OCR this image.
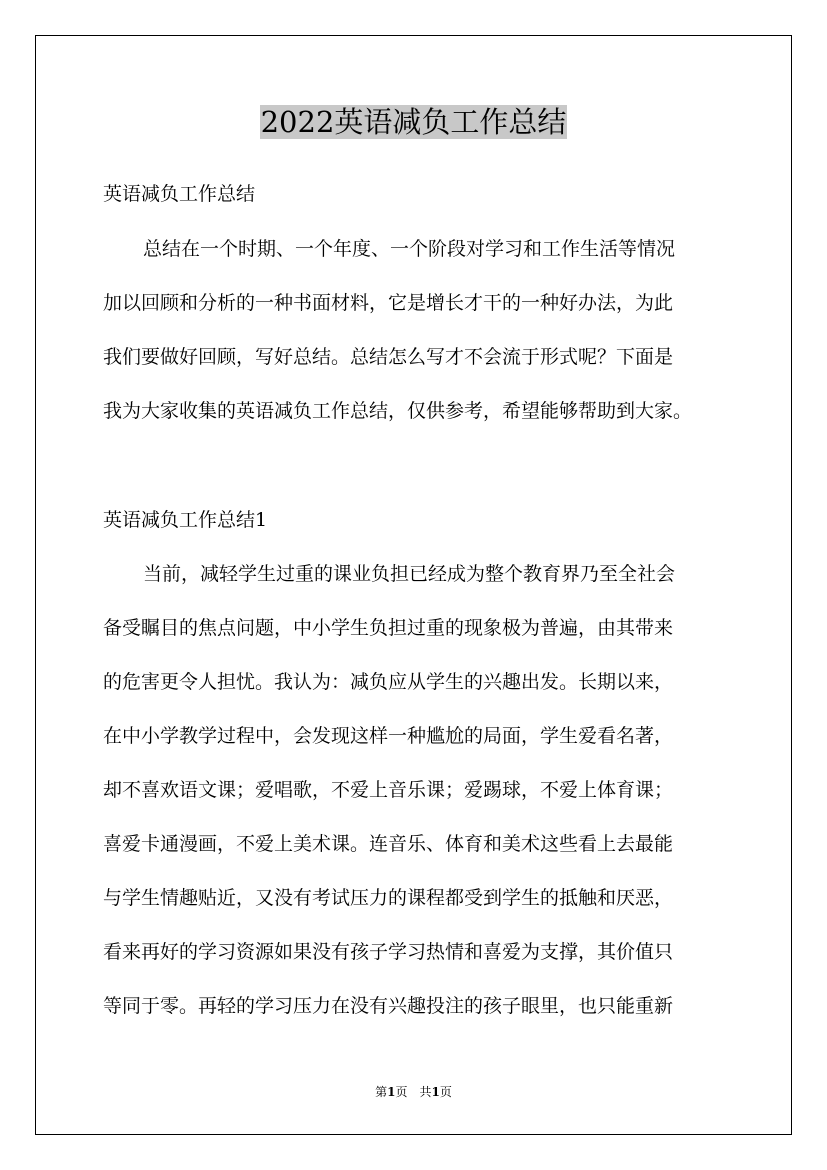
2022英语减负工作总结

英语减负工作总结

总结在一个时期、一个年度、一个阶段对学习和工作生活等情况

加以回顾和分析的一种书面材料，它是增长才干的一种好办法，为此

我们要做好回顾，写好总结。总结怎么写才不会流于形式呢？下面是

我为大家收集的英语减负工作总结，仅供参考，希望能够帮助到大家。

英语减负工作总结1

当前，减轻学生过重的课业负担已经成为整个教育界乃至全社会

备受瞩目的焦点问题，中小学生负担过重的现象极为普遍，由其带来

的危害更令人担忧。我认为：减负应从学生的兴趣出发。长期以来，

在中小学教学过程中，会发现这样一种尴尬的局面，学生爱看名著，

却不喜欢语文课；爱唱歌，不爱上音乐课；爱踢球，不爱上体育课；

喜爱卡通漫画，不爱上美术课。连音乐、体育和美术这些看上去最能

与学生情趣贴近，又没有考试压力的课程都受到学生的抵触和厌恶，

看来再好的学习资源如果没有孩子学习热情和喜爱为支撑，其价值只

等同于零。再轻的学习压力在没有兴趣投注的孩子眼里，也只能重新

第1页　共1页
